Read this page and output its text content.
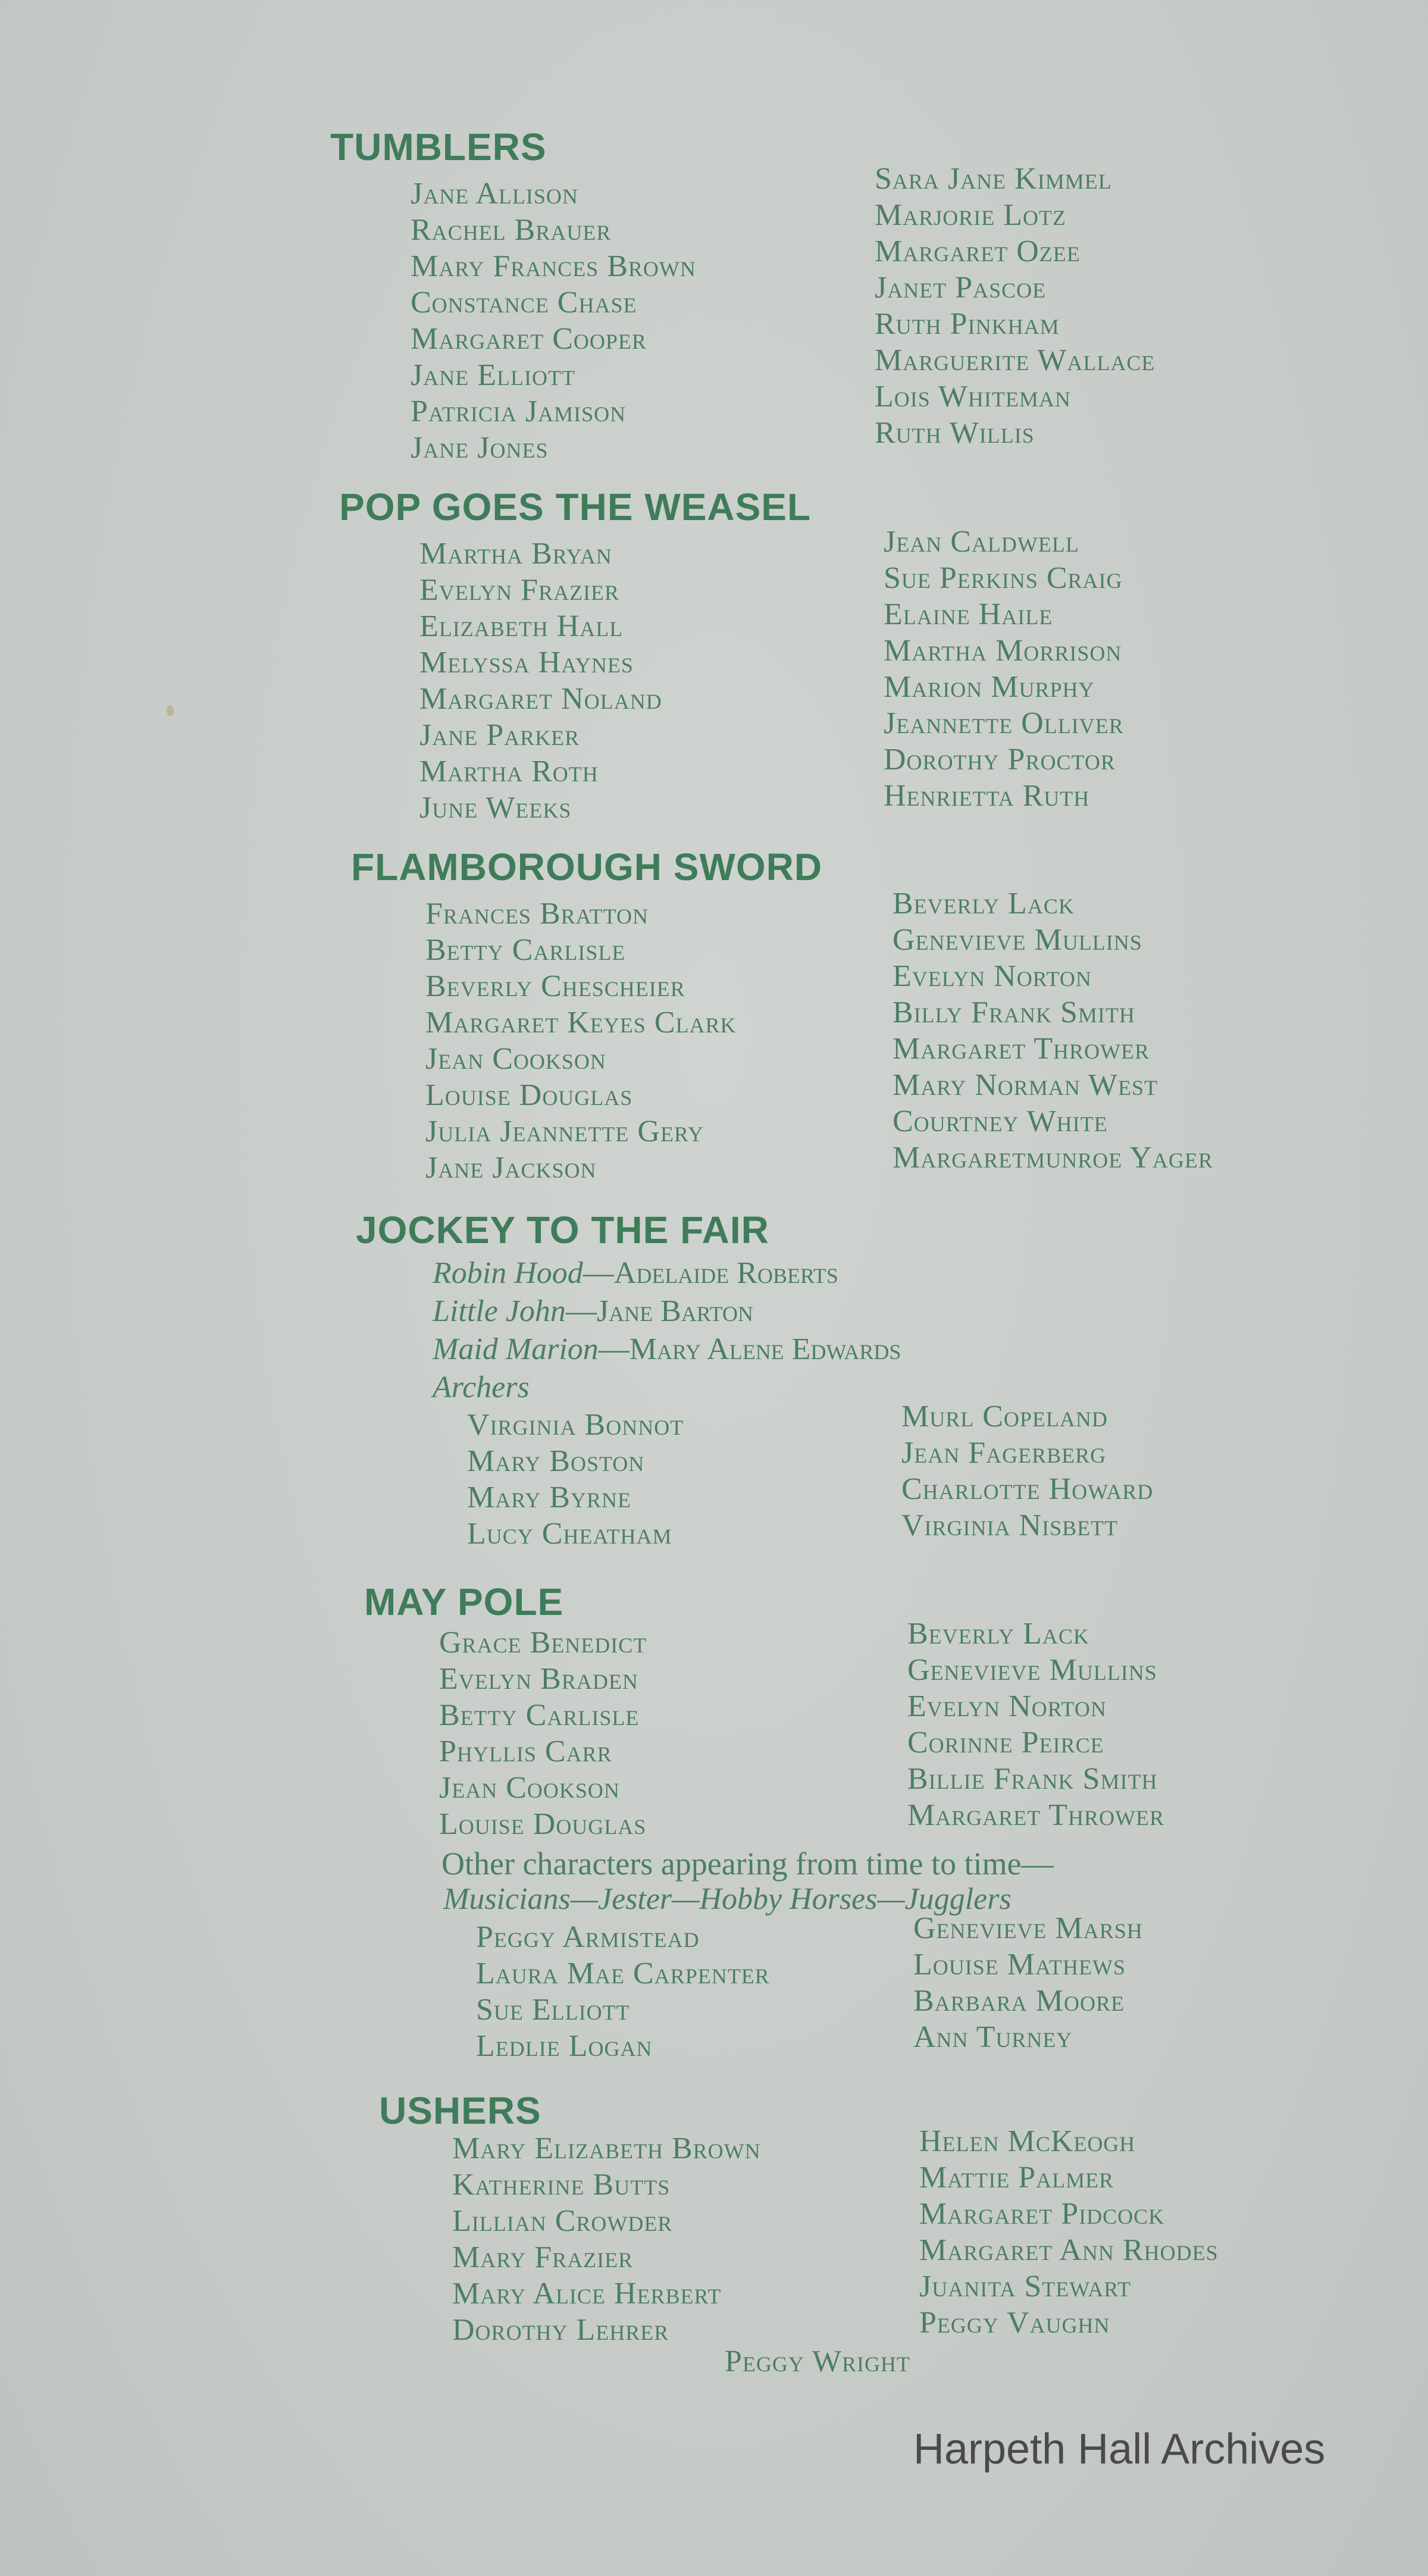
TUMBLERS
Jane Allison
Rachel Brauer
Mary Frances Brown
Constance Chase
Margaret Cooper
Jane Elliott
Patricia Jamison
Jane Jones
Sara Jane Kimmel
Marjorie Lotz
Margaret Ozee
Janet Pascoe
Ruth Pinkham
Marguerite Wallace
Lois Whiteman
Ruth Willis
POP GOES THE WEASEL
Martha Bryan
Evelyn Frazier
Elizabeth Hall
Melyssa Haynes
Margaret Noland
Jane Parker
Martha Roth
June Weeks
Jean Caldwell
Sue Perkins Craig
Elaine Haile
Martha Morrison
Marion Murphy
Jeannette Olliver
Dorothy Proctor
Henrietta Ruth
FLAMBOROUGH SWORD
Frances Bratton
Betty Carlisle
Beverly Chescheier
Margaret Keyes Clark
Jean Cookson
Louise Douglas
Julia Jeannette Gery
Jane Jackson
Beverly Lack
Genevieve Mullins
Evelyn Norton
Billy Frank Smith
Margaret Thrower
Mary Norman West
Courtney White
Margaretmunroe Yager
JOCKEY TO THE FAIR
Robin Hood—Adelaide Roberts
Little John—Jane Barton
Maid Marion—Mary Alene Edwards
Archers
Virginia Bonnot
Mary Boston
Mary Byrne
Lucy Cheatham
Murl Copeland
Jean Fagerberg
Charlotte Howard
Virginia Nisbett
MAY POLE
Grace Benedict
Evelyn Braden
Betty Carlisle
Phyllis Carr
Jean Cookson
Louise Douglas
Beverly Lack
Genevieve Mullins
Evelyn Norton
Corinne Peirce
Billie Frank Smith
Margaret Thrower
Other characters appearing from time to time—
Musicians—Jester—Hobby Horses—Jugglers
Peggy Armistead
Laura Mae Carpenter
Sue Elliott
Ledlie Logan
Genevieve Marsh
Louise Mathews
Barbara Moore
Ann Turney
USHERS
Mary Elizabeth Brown
Katherine Butts
Lillian Crowder
Mary Frazier
Mary Alice Herbert
Dorothy Lehrer
Helen McKeogh
Mattie Palmer
Margaret Pidcock
Margaret Ann Rhodes
Juanita Stewart
Peggy Vaughn
Peggy Wright
Harpeth Hall Archives
